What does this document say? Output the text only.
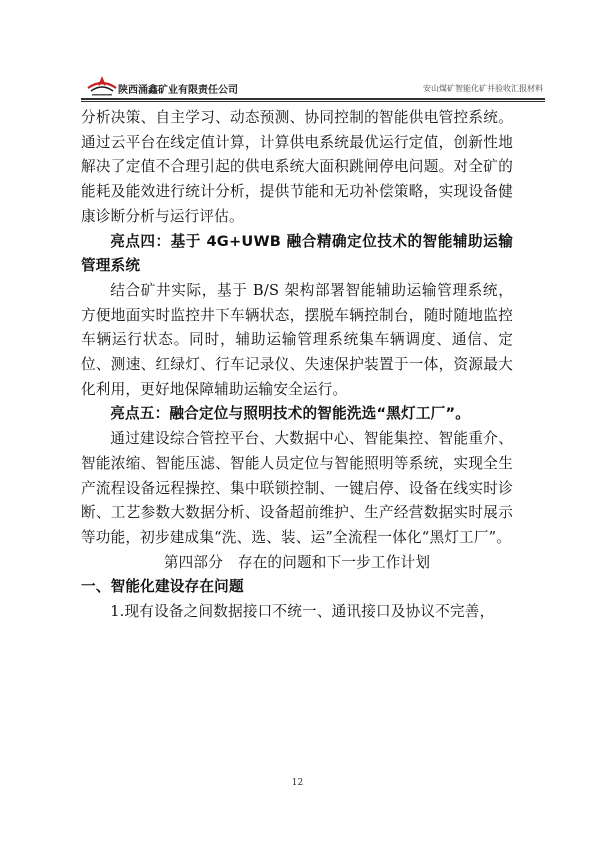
陕西涌鑫矿业有限责任公司	安山煤矿智能化矿井验收汇报材料

分析决策、自主学习、动态预测、协同控制的智能供电管控系统。通过云平台在线定值计算，计算供电系统最优运行定值，创新性地解决了定值不合理引起的供电系统大面积跳闸停电问题。对全矿的能耗及能效进行统计分析，提供节能和无功补偿策略，实现设备健康诊断分析与运行评估。

亮点四：基于 4G+UWB 融合精确定位技术的智能辅助运输管理系统

结合矿井实际，基于 B/S 架构部署智能辅助运输管理系统，方便地面实时监控井下车辆状态，摆脱车辆控制台，随时随地监控车辆运行状态。同时，辅助运输管理系统集车辆调度、通信、定位、测速、红绿灯、行车记录仪、失速保护装置于一体，资源最大化利用，更好地保障辅助运输安全运行。

亮点五：融合定位与照明技术的智能洗选“黑灯工厂”。

通过建设综合管控平台、大数据中心、智能集控、智能重介、智能浓缩、智能压滤、智能人员定位与智能照明等系统，实现全生产流程设备远程操控、集中联锁控制、一键启停、设备在线实时诊断、工艺参数大数据分析、设备超前维护、生产经营数据实时展示等功能，初步建成集“洗、选、装、运”全流程一体化“黑灯工厂”。

第四部分　存在的问题和下一步工作计划

一、智能化建设存在问题

1.现有设备之间数据接口不统一、通讯接口及协议不完善，

12
